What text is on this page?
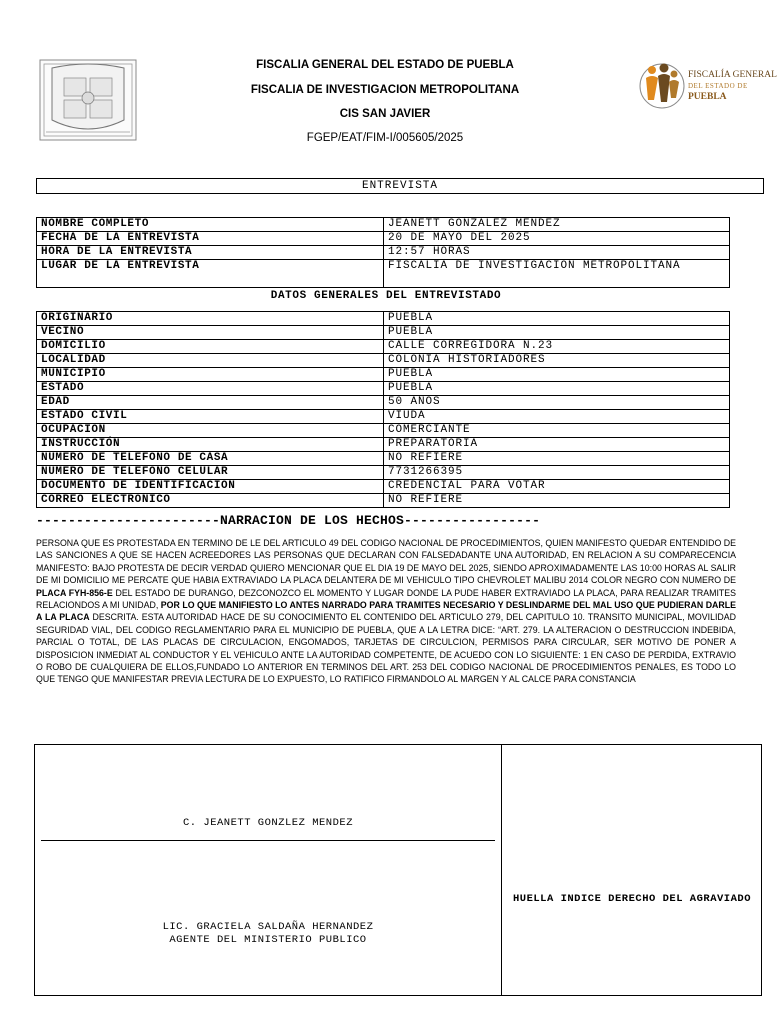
FISCALÍA GENERAL
DEL ESTADO DE
PUEBLA
FISCALIA GENERAL DEL ESTADO DE PUEBLA
FISCALIA DE INVESTIGACION METROPOLITANA
CIS SAN JAVIER
FGEP/EAT/FIM-I/005605/2025
ENTREVISTA
NOMBRE COMPLETO	JEANETT GONZALEZ MENDEZ
FECHA DE LA ENTREVISTA	20 DE MAYO DEL 2025
HORA DE LA ENTREVISTA	12:57 HORAS
LUGAR DE LA ENTREVISTA	FISCALIA DE INVESTIGACION METROPOLITANA
DATOS GENERALES DEL ENTREVISTADO
ORIGINARIO	PUEBLA
VECINO	PUEBLA
DOMICILIO	CALLE CORREGIDORA N.23
LOCALIDAD	COLONIA HISTORIADORES
MUNICIPIO	PUEBLA
ESTADO	PUEBLA
EDAD	50 AÑOS
ESTADO CIVIL	VIUDA
OCUPACION	COMERCIANTE
INSTRUCCIÓN	PREPARATORIA
NUMERO DE TELEFONO DE CASA	NO REFIERE
NUMERO DE TELEFONO CELULAR	7731266395
DOCUMENTO DE IDENTIFICACION	CREDENCIAL PARA VOTAR
CORREO ELECTRONICO	NO REFIERE
-----------------------NARRACION DE LOS HECHOS-----------------
PERSONA QUE ES PROTESTADA EN TERMINO DE LE DEL ARTICULO 49 DEL CODIGO NACIONAL DE PROCEDIMIENTOS, QUIEN MANIFESTO QUEDAR ENTENDIDO DE LAS SANCIONES A QUE SE HACEN ACREEDORES LAS PERSONAS QUE DECLARAN CON FALSEDADANTE UNA AUTORIDAD, EN RELACION A SU COMPARECENCIA MANIFESTO: BAJO PROTESTA DE DECIR VERDAD QUIERO MENCIONAR QUE EL DIA 19 DE MAYO DEL 2025, SIENDO APROXIMADAMENTE LAS 10:00 HORAS AL SALIR DE MI DOMICILIO ME PERCATE QUE HABIA EXTRAVIADO LA PLACA DELANTERA DE MI VEHICULO TIPO CHEVROLET MALIBU 2014 COLOR NEGRO CON NUMERO DE PLACA FYH-856-E DEL ESTADO DE DURANGO, DEZCONOZCO EL MOMENTO Y LUGAR DONDE LA PUDE HABER EXTRAVIADO LA PLACA, PARA REALIZAR TRAMITES RELACIONDOS A MI UNIDAD, POR LO QUE MANIFIESTO LO ANTES NARRADO PARA TRAMITES NECESARIO Y DESLINDARME DEL MAL USO QUE PUDIERAN DARLE A LA PLACA DESCRITA. ESTA AUTORIDAD HACE DE SU CONOCIMIENTO EL CONTENIDO DEL ARTICULO 279, DEL CAPITULO 10. TRANSITO MUNICIPAL, MOVILIDAD SEGURIDAD VIAL, DEL CODIGO REGLAMENTARIO PARA EL MUNICIPIO DE PUEBLA, QUE A LA LETRA DICE: “ART. 279. LA ALTERACION O DESTRUCCION INDEBIDA, PARCIAL O TOTAL, DE LAS PLACAS DE CIRCULACION, ENGOMADOS, TARJETAS DE CIRCULCION, PERMISOS PARA CIRCULAR, SER MOTIVO DE PONER A DISPOSICION INMEDIAT AL CONDUCTOR Y EL VEHICULO ANTE LA AUTORIDAD COMPETENTE, DE ACUEDO CON LO SIGUIENTE: 1 EN CASO DE PERDIDA, EXTRAVIO O ROBO DE CUALQUIERA DE ELLOS,FUNDADO LO ANTERIOR EN TERMINOS DEL ART. 253 DEL CODIGO NACIONAL DE PROCEDIMIENTOS PENALES, ES TODO LO QUE TENGO QUE MANIFESTAR PREVIA LECTURA DE LO EXPUESTO, LO RATIFICO FIRMANDOLO AL MARGEN Y AL CALCE PARA CONSTANCIA
C. JEANETT GONZLEZ MENDEZ
LIC. GRACIELA SALDAÑA HERNANDEZ
AGENTE DEL MINISTERIO PUBLICO
HUELLA INDICE DERECHO DEL AGRAVIADO
